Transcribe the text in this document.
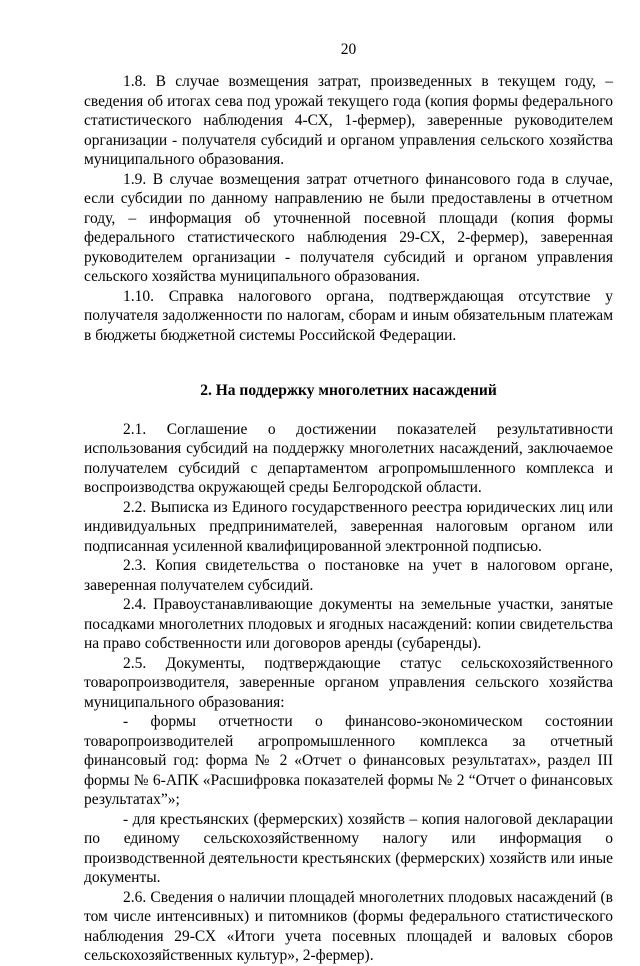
20

1.8. В случае возмещения затрат, произведенных в текущем году, – сведения об итогах сева под урожай текущего года (копия формы федерального статистического наблюдения 4-СХ, 1-фермер), заверенные руководителем организации - получателя субсидий и органом управления сельского хозяйства муниципального образования.

1.9. В случае возмещения затрат отчетного финансового года в случае, если субсидии по данному направлению не были предоставлены в отчетном году, – информация об уточненной посевной площади (копия формы федерального статистического наблюдения 29-СХ, 2-фермер), заверенная руководителем организации - получателя субсидий и органом управления сельского хозяйства муниципального образования.

1.10. Справка налогового органа, подтверждающая отсутствие у получателя задолженности по налогам, сборам и иным обязательным платежам в бюджеты бюджетной системы Российской Федерации.

2. На поддержку многолетних насаждений

2.1. Соглашение о достижении показателей результативности использования субсидий на поддержку многолетних насаждений, заключаемое получателем субсидий с департаментом агропромышленного комплекса и воспроизводства окружающей среды Белгородской области.

2.2. Выписка из Единого государственного реестра юридических лиц или индивидуальных предпринимателей, заверенная налоговым органом или подписанная усиленной квалифицированной электронной подписью.

2.3. Копия свидетельства о постановке на учет в налоговом органе, заверенная получателем субсидий.

2.4. Правоустанавливающие документы на земельные участки, занятые посадками многолетних плодовых и ягодных насаждений: копии свидетельства на право собственности или договоров аренды (субаренды).

2.5. Документы, подтверждающие статус сельскохозяйственного товаропроизводителя, заверенные органом управления сельского хозяйства муниципального образования:

- формы отчетности о финансово-экономическом состоянии товаропроизводителей агропромышленного комплекса за отчетный финансовый год: форма № 2 «Отчет о финансовых результатах», раздел III формы № 6-АПК «Расшифровка показателей формы № 2 “Отчет о финансовых результатах”»;

- для крестьянских (фермерских) хозяйств – копия налоговой декларации по единому сельскохозяйственному налогу или информация о производственной деятельности крестьянских (фермерских) хозяйств или иные документы.

2.6. Сведения о наличии площадей многолетних плодовых насаждений (в том числе интенсивных) и питомников (формы федерального статистического наблюдения 29-СХ «Итоги учета посевных площадей и валовых сборов сельскохозяйственных культур», 2-фермер).
